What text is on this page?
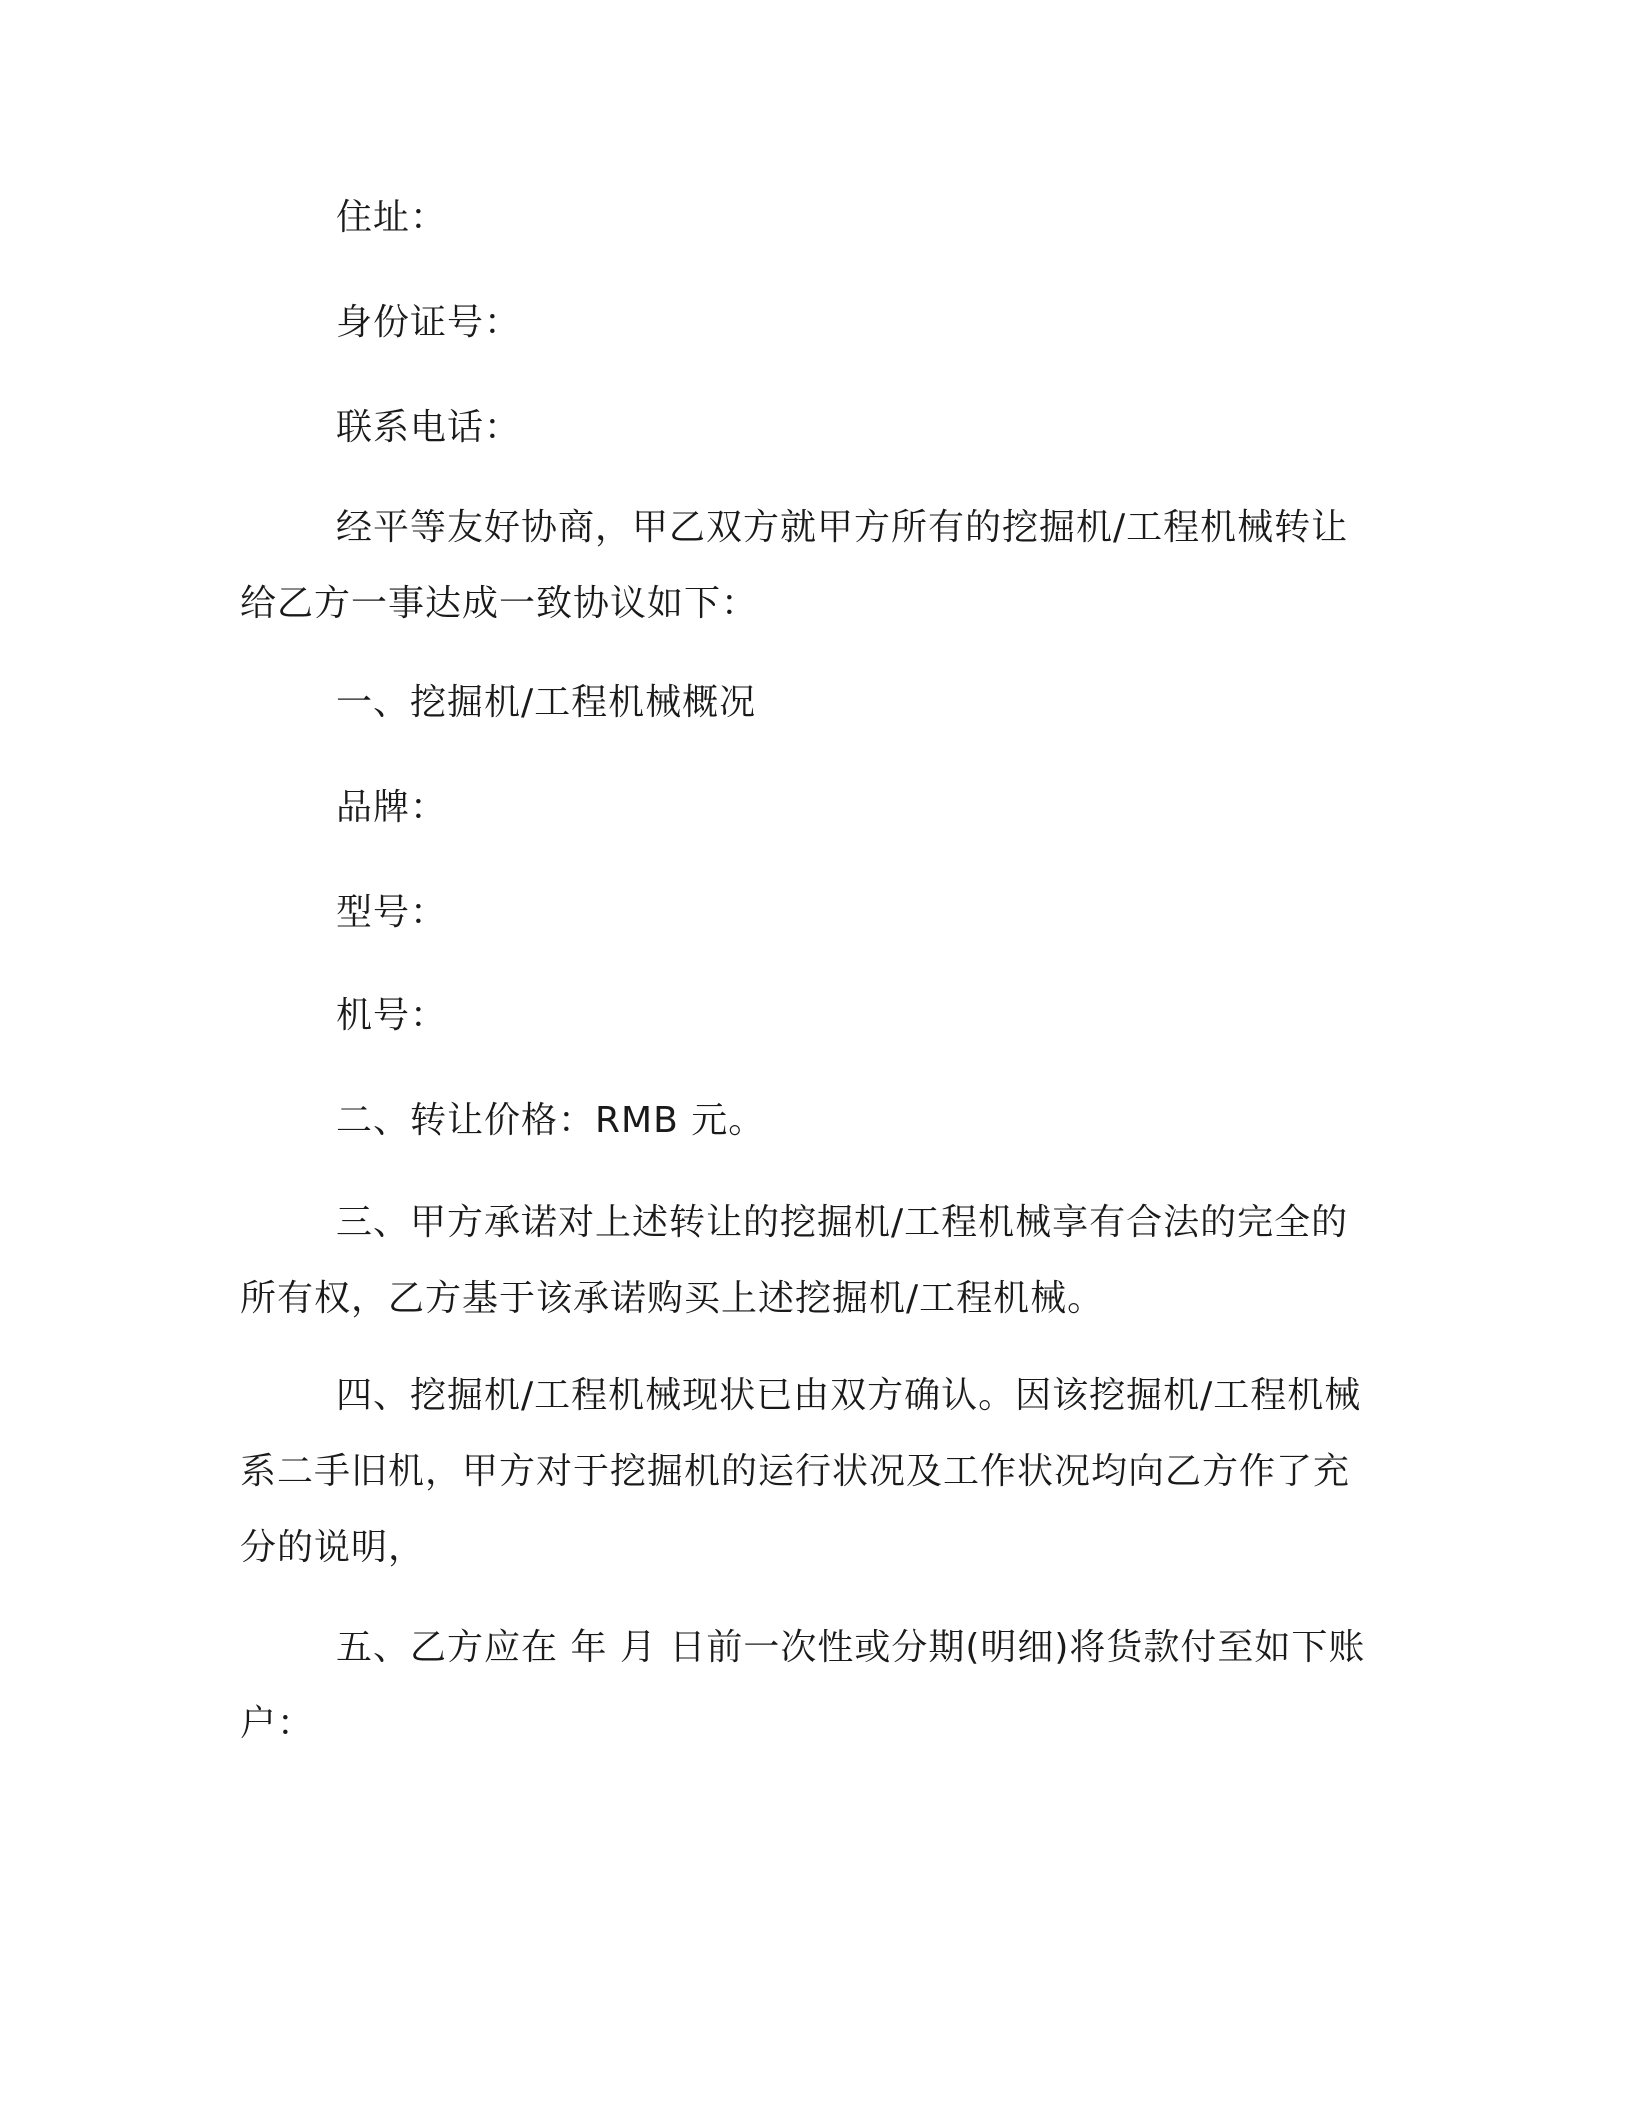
住址：

身份证号：

联系电话：

经平等友好协商，甲乙双方就甲方所有的挖掘机/工程机械转让
给乙方一事达成一致协议如下：

一、挖掘机/工程机械概况

品牌：

型号：

机号：

二、转让价格：RMB 元。

三、甲方承诺对上述转让的挖掘机/工程机械享有合法的完全的
所有权，乙方基于该承诺购买上述挖掘机/工程机械。

四、挖掘机/工程机械现状已由双方确认。因该挖掘机/工程机械
系二手旧机，甲方对于挖掘机的运行状况及工作状况均向乙方作了充
分的说明，

五、乙方应在 年 月 日前一次性或分期(明细)将货款付至如下账
户：
